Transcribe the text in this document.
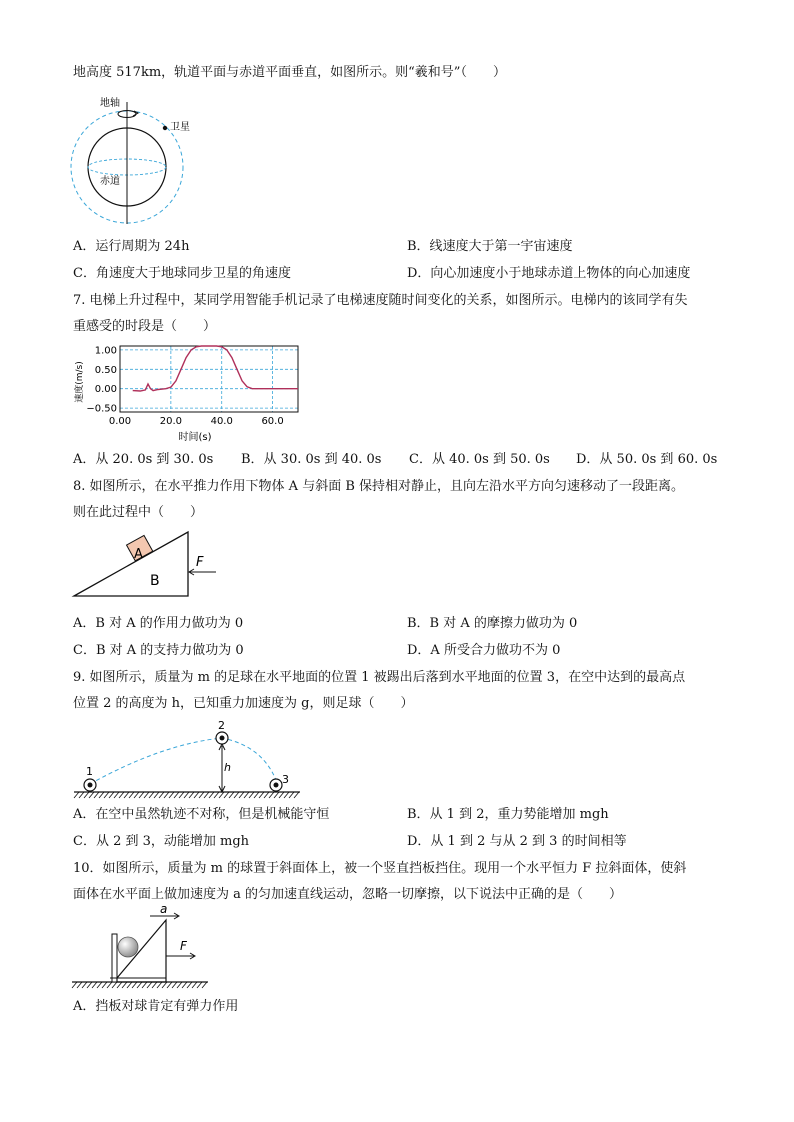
地高度 517km，轨道平面与赤道平面垂直，如图所示。则“羲和号”（　　）
地轴
卫星
赤道
A．运行周期为 24h	B．线速度大于第一宇宙速度
C．角速度大于地球同步卫星的角速度	D．向心加速度小于地球赤道上物体的向心加速度
7. 电梯上升过程中，某同学用智能手机记录了电梯速度随时间变化的关系，如图所示。电梯内的该同学有失
重感受的时段是（　　）
1.00
0.50
0.00
−0.50
0.00	20.0	40.0	60.0
时间(s)
速度(m/s)
A．从 20. 0s 到 30. 0s B．从 30. 0s 到 40. 0s C．从 40. 0s 到 50. 0s D．从 50. 0s 到 60. 0s
8. 如图所示，在水平推力作用下物体 A 与斜面 B 保持相对静止，且向左沿水平方向匀速移动了一段距离。
则在此过程中（　　）
A
B
F
A．B 对 A 的作用力做功为 0	B．B 对 A 的摩擦力做功为 0
C．B 对 A 的支持力做功为 0	D．A 所受合力做功不为 0
9. 如图所示，质量为 m 的足球在水平地面的位置 1 被踢出后落到水平地面的位置 3，在空中达到的最高点
位置 2 的高度为 h，已知重力加速度为 g，则足球（　　）
1
2
3
h
A．在空中虽然轨迹不对称，但是机械能守恒	B．从 1 到 2，重力势能增加 mgh
C．从 2 到 3，动能增加 mgh	D．从 1 到 2 与从 2 到 3 的时间相等
10．如图所示，质量为 m 的球置于斜面体上，被一个竖直挡板挡住。现用一个水平恒力 F 拉斜面体，使斜
面体在水平面上做加速度为 a 的匀加速直线运动，忽略一切摩擦，以下说法中正确的是（　　）
a
F
A．挡板对球肯定有弹力作用
